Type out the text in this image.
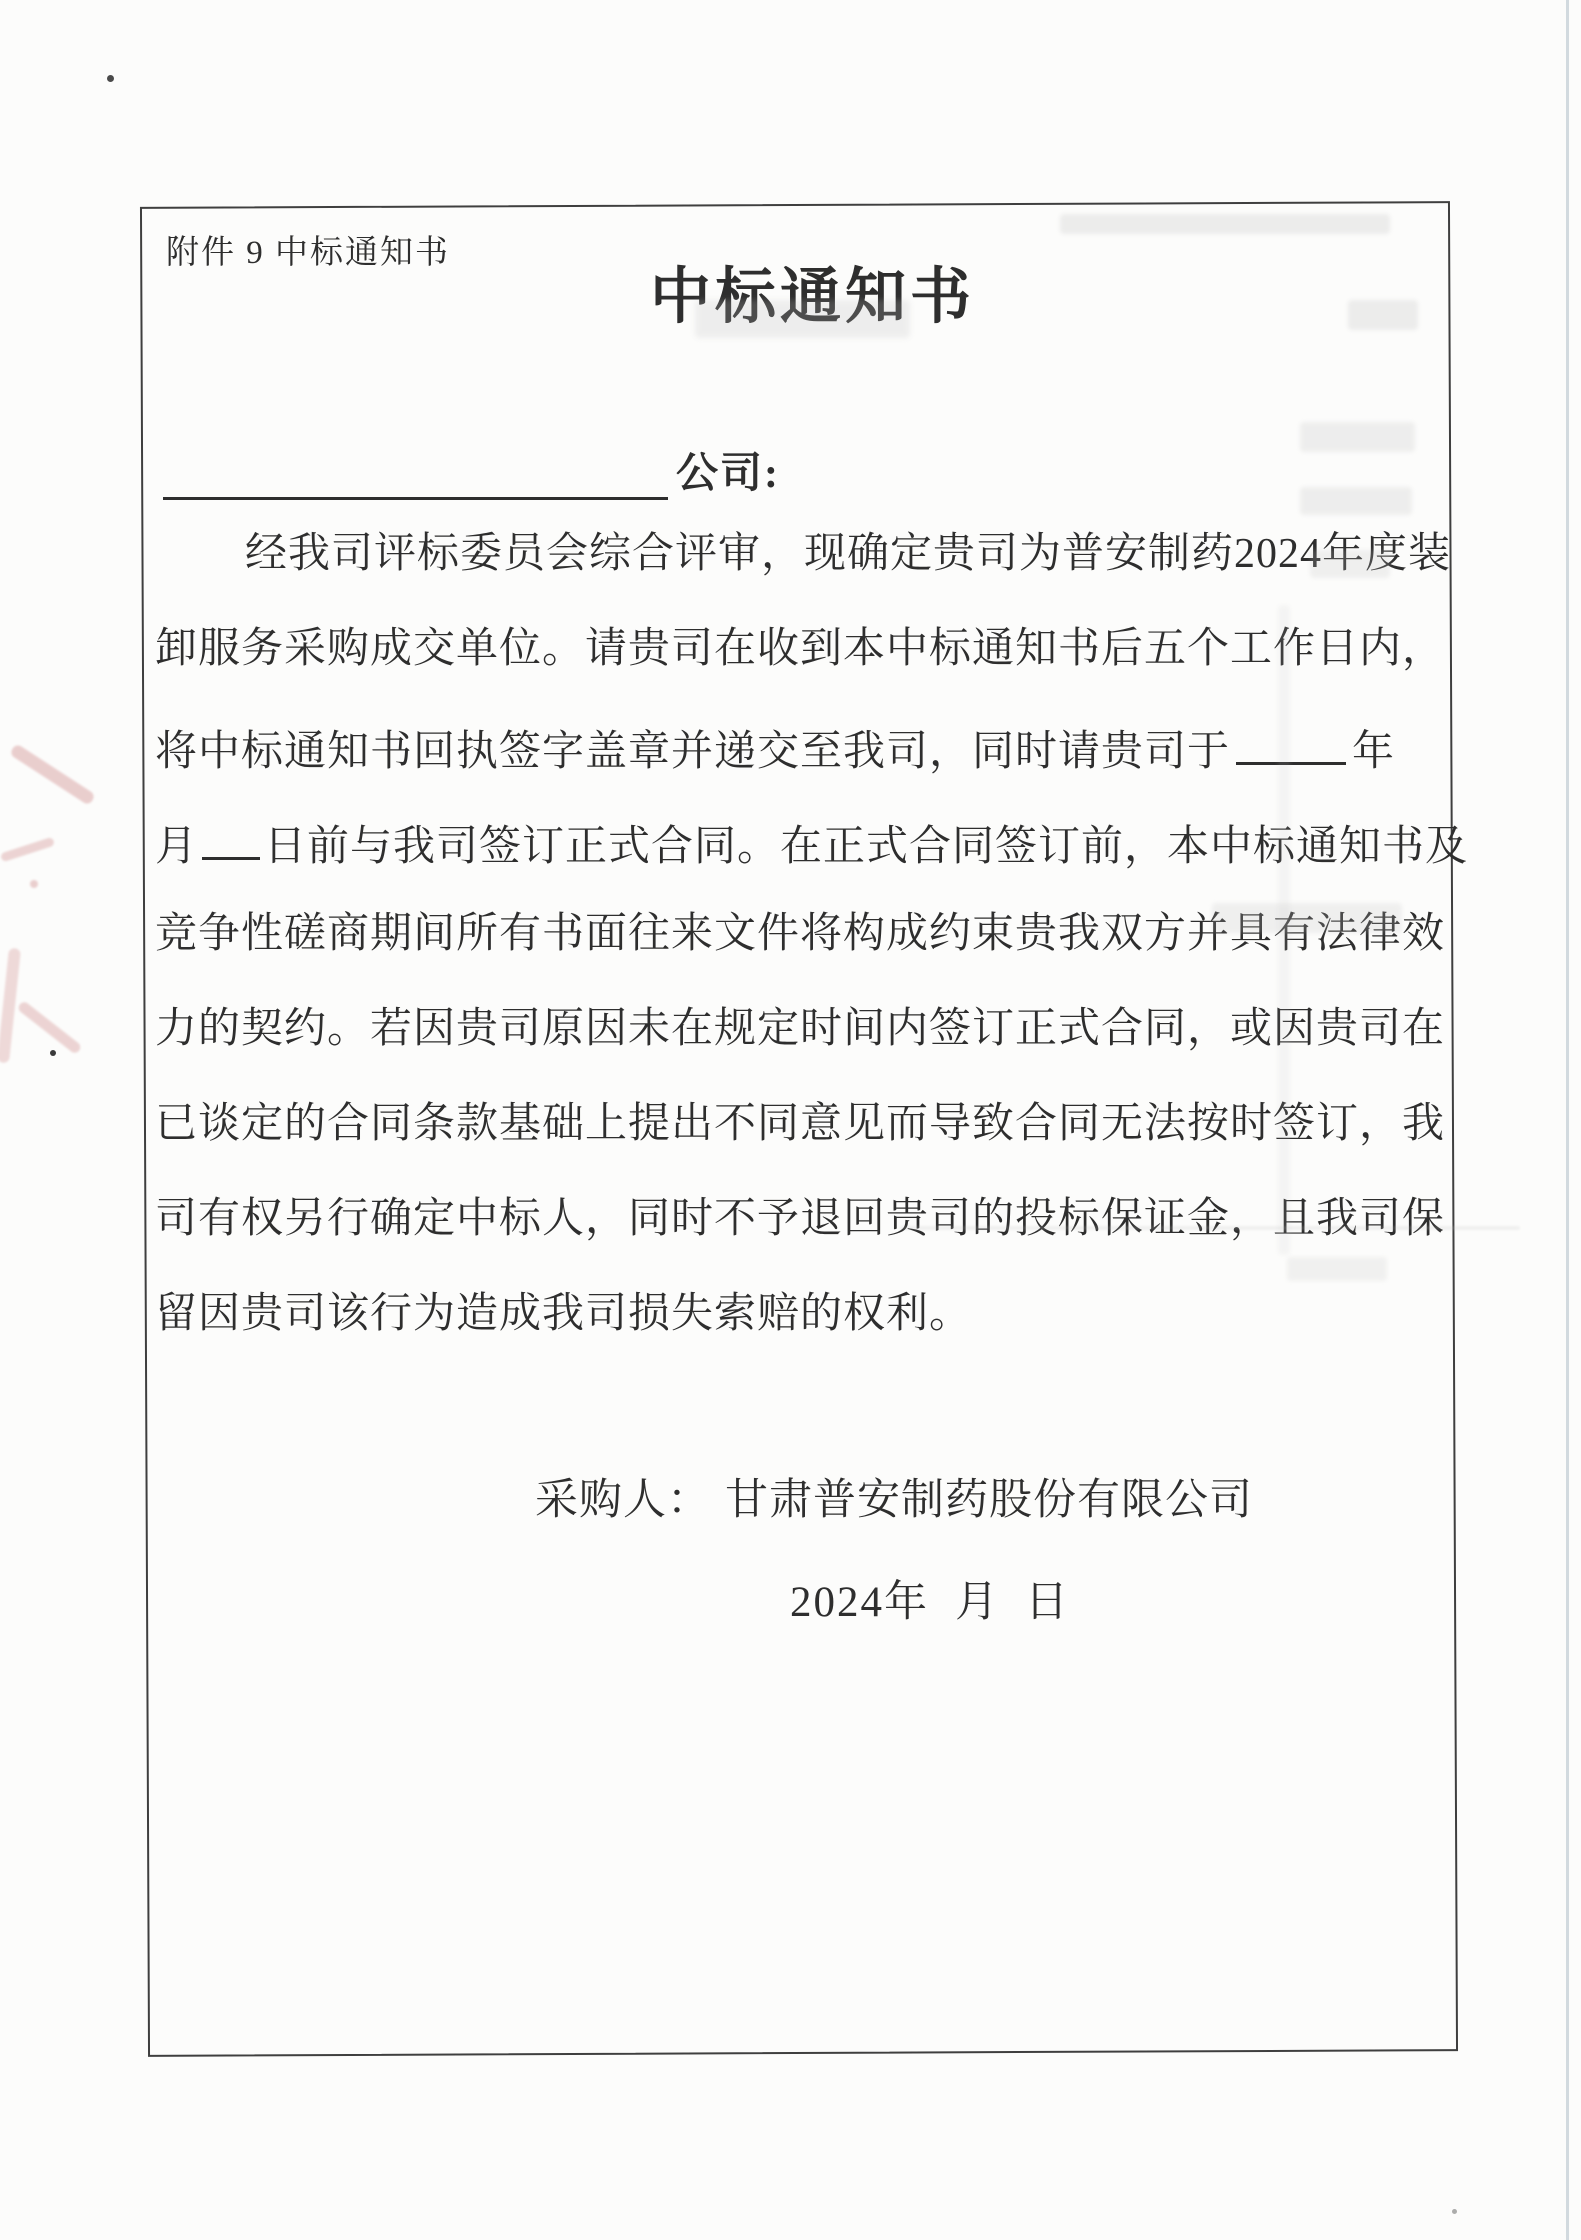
附件 9 中标通知书
中标通知书
公司:
经我司评标委员会综合评审，现确定贵司为普安制药2024年度装
卸服务采购成交单位。请贵司在收到本中标通知书后五个工作日内，
将中标通知书回执签字盖章并递交至我司，同时请贵司于	年
月 日前与我司签订正式合同。在正式合同签订前，本中标通知书及
竞争性磋商期间所有书面往来文件将构成约束贵我双方并具有法律效
力的契约。若因贵司原因未在规定时间内签订正式合同，或因贵司在
已谈定的合同条款基础上提出不同意见而导致合同无法按时签订，我
司有权另行确定中标人，同时不予退回贵司的投标保证金，且我司保
留因贵司该行为造成我司损失索赔的权利。
采购人： 甘肃普安制药股份有限公司
2024年 月 日
